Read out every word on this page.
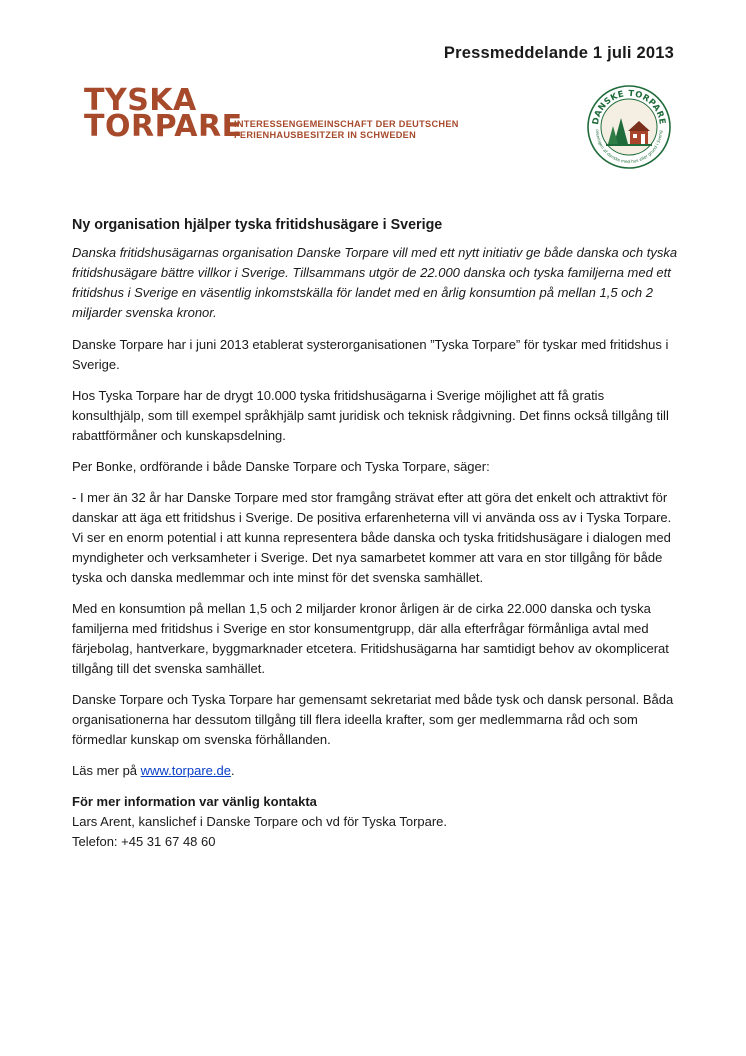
Pressmeddelande 1 juli 2013
TYSKA
TORPARE
INTERESSENGEMEINSCHAFT DER DEUTSCHEN
FERIENHAUSBESITZER IN SCHWEDEN
DANSKE TORPARE
oreningen af danske med hus eller grund i Sverig
Ny organisation hjälper tyska fritidshusägare i Sverige

Danska fritidshusägarnas organisation Danske Torpare vill med ett nytt initiativ ge både danska och tyska fritidshusägare bättre villkor i Sverige. Tillsammans utgör de 22.000 danska och tyska familjerna med ett fritidshus i Sverige en väsentlig inkomstskälla för landet med en årlig konsumtion på mellan 1,5 och 2 miljarder svenska kronor.

Danske Torpare har i juni 2013 etablerat systerorganisationen ”Tyska Torpare” för tyskar med fritidshus i Sverige.

Hos Tyska Torpare har de drygt 10.000 tyska fritidshusägarna i Sverige möjlighet att få gratis konsulthjälp, som till exempel språkhjälp samt juridisk och teknisk rådgivning. Det finns också tillgång till rabattförmåner och kunskapsdelning.

Per Bonke, ordförande i både Danske Torpare och Tyska Torpare, säger:

- I mer än 32 år har Danske Torpare med stor framgång strävat efter att göra det enkelt och attraktivt för danskar att äga ett fritidshus i Sverige. De positiva erfarenheterna vill vi använda oss av i Tyska Torpare. Vi ser en enorm potential i att kunna representera både danska och tyska fritidshusägare i dialogen med myndigheter och verksamheter i Sverige. Det nya samarbetet kommer att vara en stor tillgång för både tyska och danska medlemmar och inte minst för det svenska samhället.

Med en konsumtion på mellan 1,5 och 2 miljarder kronor årligen är de cirka 22.000 danska och tyska familjerna med fritidshus i Sverige en stor konsumentgrupp, där alla efterfrågar förmånliga avtal med färjebolag, hantverkare, byggmarknader etcetera. Fritidshusägarna har samtidigt behov av okomplicerat tillgång till det svenska samhället.

Danske Torpare och Tyska Torpare har gemensamt sekretariat med både tysk och dansk personal. Båda organisationerna har dessutom tillgång till flera ideella krafter, som ger medlemmarna råd och som förmedlar kunskap om svenska förhållanden.

Läs mer på www.torpare.de.

För mer information var vänlig kontakta
Lars Arent, kanslichef i Danske Torpare och vd för Tyska Torpare.
Telefon: +45 31 67 48 60
